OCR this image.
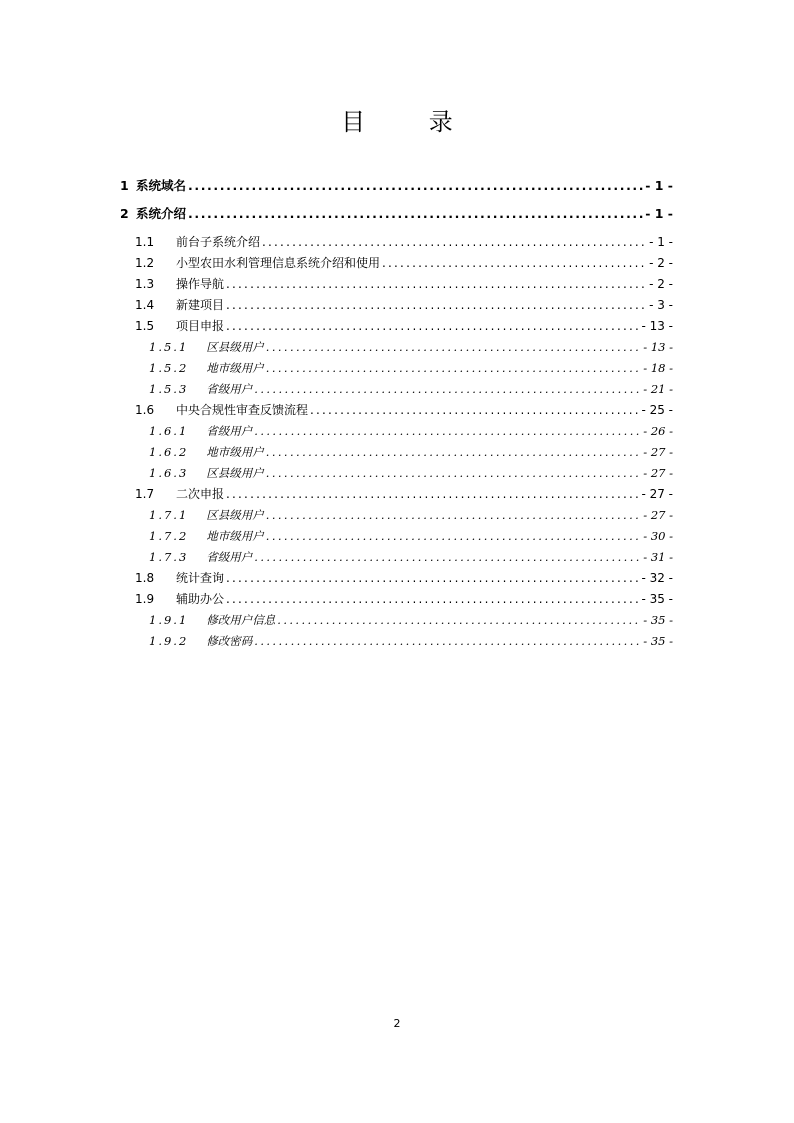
目 录
1 系统域名 .....	- 1 -
2 系统介绍 .....	- 1 -
1.1 前台子系统介绍 .....	- 1 -
1.2 小型农田水利管理信息系统介绍和使用 .....	- 2 -
1.3 操作导航 .....	- 2 -
1.4 新建项目 .....	- 3 -
1.5 项目申报 .....	- 13 -
1.5.1 区县级用户 .....	- 13 -
1.5.2 地市级用户 .....	- 18 -
1.5.3 省级用户 .....	- 21 -
1.6 中央合规性审查反馈流程 .....	- 25 -
1.6.1 省级用户 .....	- 26 -
1.6.2 地市级用户 .....	- 27 -
1.6.3 区县级用户 .....	- 27 -
1.7 二次申报 .....	- 27 -
1.7.1 区县级用户 .....	- 27 -
1.7.2 地市级用户 .....	- 30 -
1.7.3 省级用户 .....	- 31 -
1.8 统计查询 .....	- 32 -
1.9 辅助办公 .....	- 35 -
1.9.1 修改用户信息 .....	- 35 -
1.9.2 修改密码 .....	- 35 -
2
